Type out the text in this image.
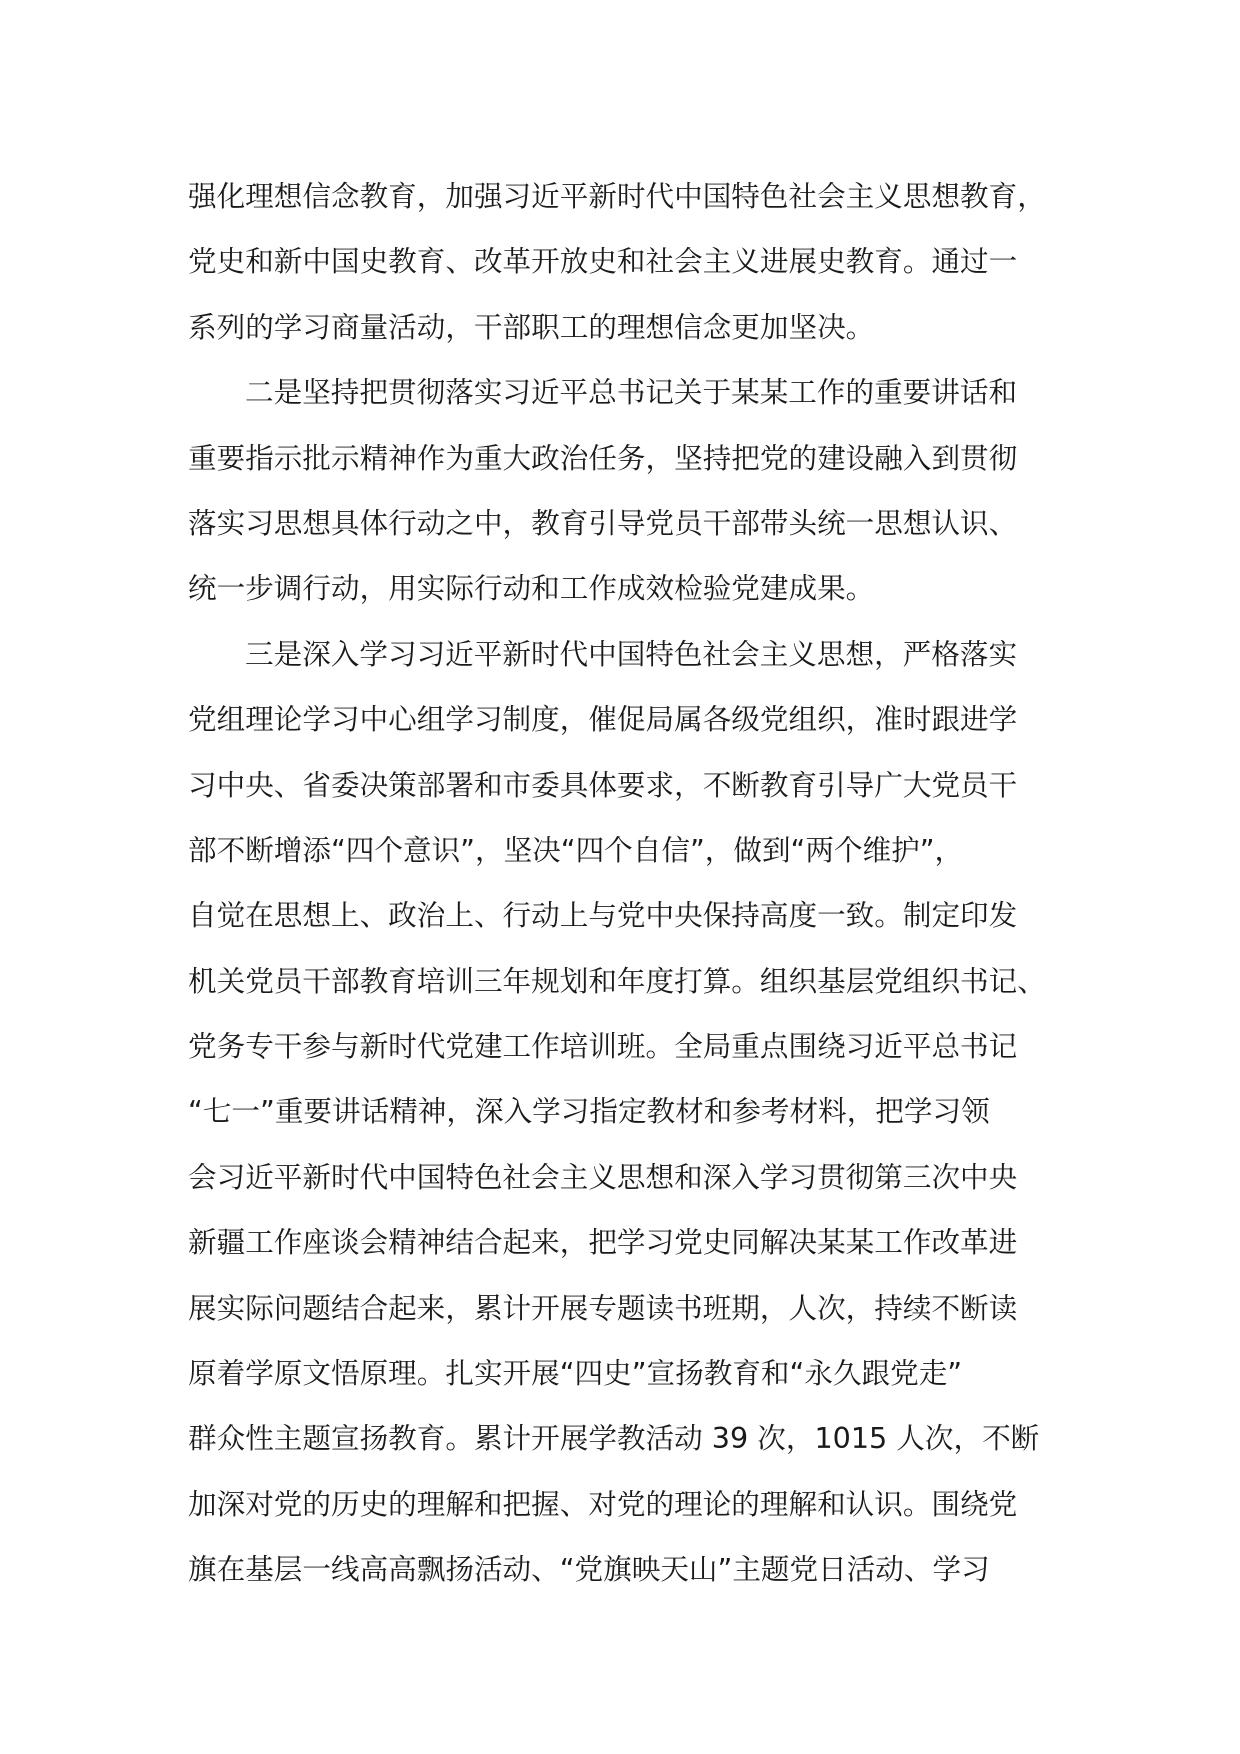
强化理想信念教育，加强习近平新时代中国特色社会主义思想教育，
党史和新中国史教育、改革开放史和社会主义进展史教育。通过一
系列的学习商量活动，干部职工的理想信念更加坚决。
二是坚持把贯彻落实习近平总书记关于某某工作的重要讲话和
重要指示批示精神作为重大政治任务，坚持把党的建设融入到贯彻
落实习思想具体行动之中，教育引导党员干部带头统一思想认识、
统一步调行动，用实际行动和工作成效检验党建成果。
三是深入学习习近平新时代中国特色社会主义思想，严格落实
党组理论学习中心组学习制度，催促局属各级党组织，准时跟进学
习中央、省委决策部署和市委具体要求，不断教育引导广大党员干
部不断增添“四个意识”，坚决“四个自信”，做到“两个维护”，
自觉在思想上、政治上、行动上与党中央保持高度一致。制定印发
机关党员干部教育培训三年规划和年度打算。组织基层党组织书记、
党务专干参与新时代党建工作培训班。全局重点围绕习近平总书记
“七一”重要讲话精神，深入学习指定教材和参考材料，把学习领
会习近平新时代中国特色社会主义思想和深入学习贯彻第三次中央
新疆工作座谈会精神结合起来，把学习党史同解决某某工作改革进
展实际问题结合起来，累计开展专题读书班期，人次，持续不断读
原着学原文悟原理。扎实开展“四史”宣扬教育和“永久跟党走”
群众性主题宣扬教育。累计开展学教活动 39 次，1015 人次，不断
加深对党的历史的理解和把握、对党的理论的理解和认识。围绕党
旗在基层一线高高飘扬活动、“党旗映天山”主题党日活动、学习
